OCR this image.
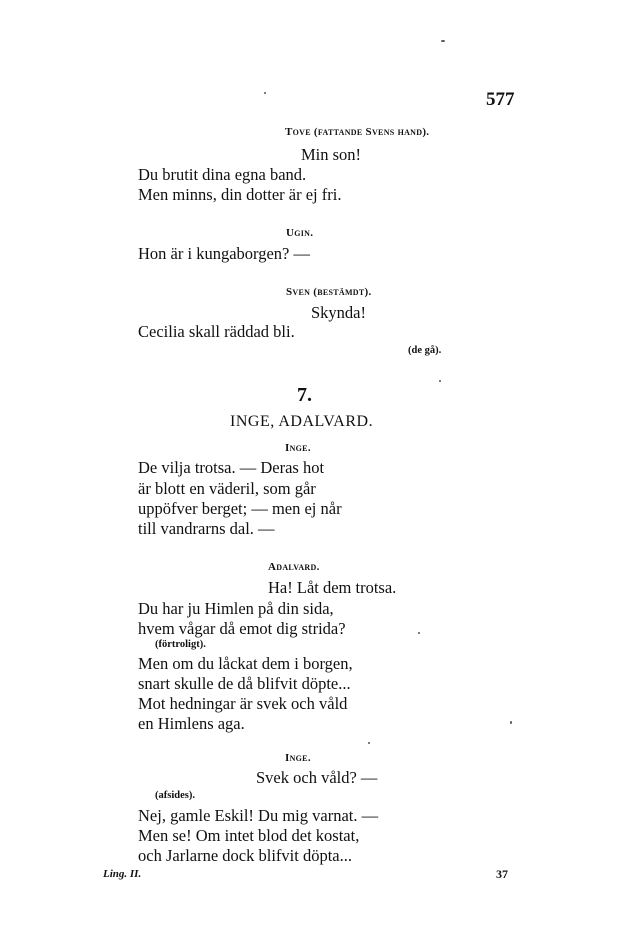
577
Tove (fattande Svens hand).
Min son!
Du brutit dina egna band.
Men minns, din dotter är ej fri.
Ugin.
Hon är i kungaborgen? —
Sven (bestämdt).
Skynda!
Cecilia skall räddad bli.
(de gå).
7.
INGE, ADALVARD.
Inge.
De vilja trotsa. — Deras hot
är blott en väderil, som går
uppöfver berget; — men ej når
till vandrarns dal. —
Adalvard.
Ha! Låt dem trotsa.
Du har ju Himlen på din sida,
hvem vågar då emot dig strida?
(förtroligt).
Men om du låckat dem i borgen,
snart skulle de då blifvit döpte...
Mot hedningar är svek och våld
en Himlens aga.
Inge.
Svek och våld? —
(afsides).
Nej, gamle Eskil! Du mig varnat. —
Men se! Om intet blod det kostat,
och Jarlarne dock blifvit döpta...
Ling. II.	37
